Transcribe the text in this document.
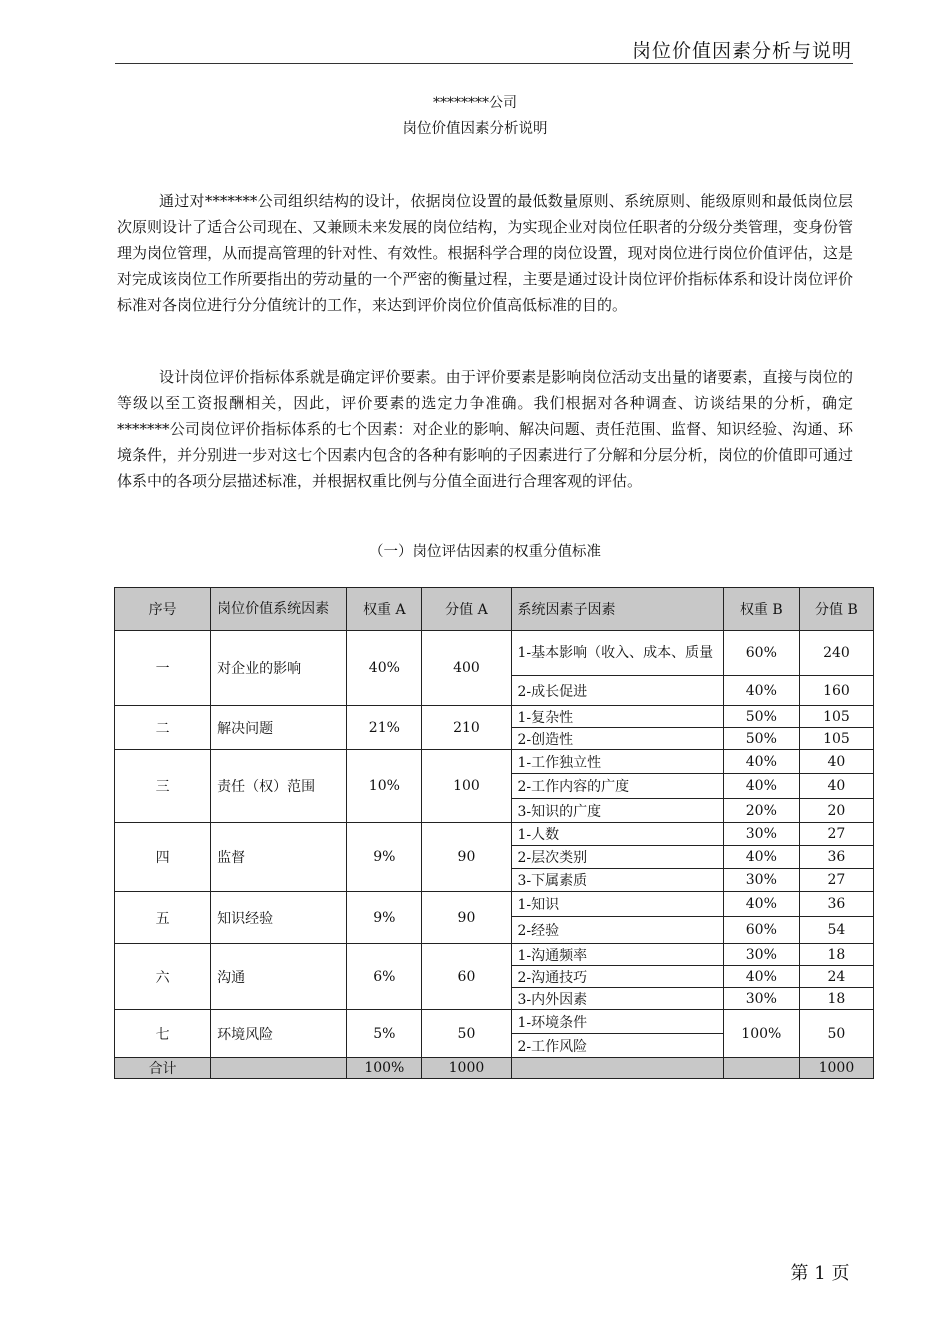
岗位价值因素分析与说明
********公司
岗位价值因素分析说明

通过对*******公司组织结构的设计，依据岗位设置的最低数量原则、系统原则、能级原则和最低岗位层次原则设计了适合公司现在、又兼顾未来发展的岗位结构，为实现企业对岗位任职者的分级分类管理，变身份管理为岗位管理，从而提高管理的针对性、有效性。根据科学合理的岗位设置，现对岗位进行岗位价值评估，这是对完成该岗位工作所要指出的劳动量的一个严密的衡量过程，主要是通过设计岗位评价指标体系和设计岗位评价标准对各岗位进行分分值统计的工作，来达到评价岗位价值高低标准的目的。

设计岗位评价指标体系就是确定评价要素。由于评价要素是影响岗位活动支出量的诸要素，直接与岗位的等级以至工资报酬相关，因此，评价要素的选定力争准确。我们根据对各种调查、访谈结果的分析，确定*******公司岗位评价指标体系的七个因素：对企业的影响、解决问题、责任范围、监督、知识经验、沟通、环境条件，并分别进一步对这七个因素内包含的各种有影响的子因素进行了分解和分层分析，岗位的价值即可通过体系中的各项分层描述标准，并根据权重比例与分值全面进行合理客观的评估。

（一）岗位评估因素的权重分值标准
序号	岗位价值系统因素	权重 A	分值 A	系统因素子因素	权重 B	分值 B
一	对企业的影响	40%	400	1-基本影响（收入、成本、质量	60%	240
				2-成长促进	40%	160
二	解决问题	21%	210	1-复杂性	50%	105
				2-创造性	50%	105
三	责任（权）范围	10%	100	1-工作独立性	40%	40
				2-工作内容的广度	40%	40
				3-知识的广度	20%	20
四	监督	9%	90	1-人数	30%	27
				2-层次类别	40%	36
				3-下属素质	30%	27
五	知识经验	9%	90	1-知识	40%	36
				2-经验	60%	54
六	沟通	6%	60	1-沟通频率	30%	18
				2-沟通技巧	40%	24
				3-内外因素	30%	18
七	环境风险	5%	50	1-环境条件	100%	50
				2-工作风险		
合计		100%	1000			1000
第 1 页
